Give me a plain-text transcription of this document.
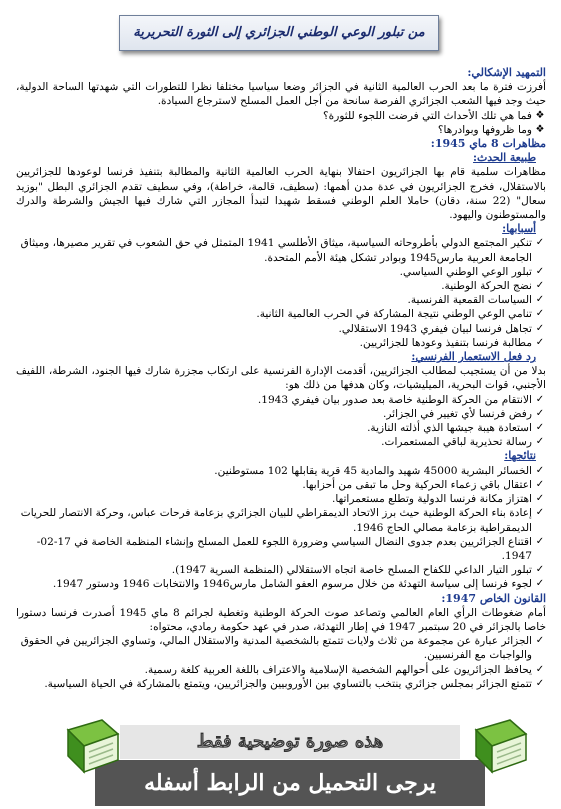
من تبلور الوعي الوطني الجزائري إلى الثورة التحريرية

التمهيد الإشكالي:

أفرزت فترة ما بعد الحرب العالمية الثانية في الجزائر وضعا سياسيا مختلفا نظرا للتطورات التي شهدتها الساحة الدولية، حيث وجد فيها الشعب الجزائري الفرصة سانحة من أجل العمل المسلح لاسترجاع السيادة.

❖
فما هي تلك الأحداث التي فرضت اللجوء للثورة؟
❖
وما ظروفها وبوادرها؟

مظاهرات 8 ماي 1945:

طبيعة الحدث:

مظاهرات سلمية قام بها الجزائريون احتفالا بنهاية الحرب العالمية الثانية والمطالبة بتنفيذ فرنسا لوعودها للجزائريين بالاستقلال، فخرج الجزائريون في عدة مدن أهمها: (سطيف، قالمة، خراطة)، وفي سطيف تقدم الجزائري البطل "بوزيد سعال" (22 سنة، دقان) حاملا العلم الوطني فسقط شهيدا لتبدأ المجازر التي شارك فيها الجيش والشرطة والدرك والمستوطنون واليهود.

أسبابها:

✓
تنكير المجتمع الدولي بأطروحاته السياسية، ميثاق الأطلسي 1941 المتمثل في حق الشعوب في تقرير مصيرها، وميثاق الجامعة العربية مارس1945 وبوادر تشكل هيئة الأمم المتحدة.
✓
تبلور الوعي الوطني السياسي.
✓
نضج الحركة الوطنية.
✓
السياسات القمعية الفرنسية.
✓
تنامي الوعي الوطني نتيجة المشاركة في الحرب العالمية الثانية.
✓
تجاهل فرنسا لبيان فيفري 1943 الاستقلالي.
✓
مطالبة فرنسا بتنفيذ وعودها للجزائريين.

رد فعل الاستعمار الفرنسي:

بدلا من أن يستجيب لمطالب الجزائريين، أقدمت الإدارة الفرنسية على ارتكاب مجزرة شارك فيها الجنود، الشرطة، اللفيف الأجنبي، قوات البحرية، الميليشيات، وكان هدفها من ذلك هو:

✓
الانتقام من الحركة الوطنية خاصة بعد صدور بيان فيفري 1943.
✓
رفض فرنسا لأي تغيير في الجزائر.
✓
استعادة هيبة جيشها الذي أذلته النازية.
✓
رسالة تحذيرية لباقي المستعمرات.

نتائجها:

✓
الخسائر البشرية 45000 شهيد والمادية 45 قرية يقابلها 102 مستوطنين.
✓
اعتقال باقي زعماء الحركية وحل ما تبقى من أحزابها.
✓
اهتزاز مكانة فرنسا الدولية وتطلع مستعمراتها.
✓
إعادة بناء الحركة الوطنية حيث برز الاتحاد الديمقراطي للبيان الجزائري بزعامة فرحات عباس، وحركة الانتصار للحريات الديمقراطية بزعامة مصالي الحاج 1946.
✓
اقتناع الجزائريين بعدم جدوى النضال السياسي وضرورة اللجوء للعمل المسلح وإنشاء المنظمة الخاصة في 17-02-1947.
✓
تبلور التيار الداعي للكفاح المسلح خاصة اتجاه الاستقلالي (المنظمة السرية 1947).
✓
لجوء فرنسا إلى سياسة التهدئة من خلال مرسوم العفو الشامل مارس1946 والانتخابات 1946 ودستور 1947.

القانون الخاص 1947:

أمام ضغوطات الرأي العام العالمي وتصاعد صوت الحركة الوطنية وتغطية لجرائم 8 ماي 1945 أصدرت فرنسا دستورا خاصا بالجزائر في 20 سبتمبر 1947 في إطار التهدئة، صدر في عهد حكومة رمادي، محتواه:

✓
الجزائر عبارة عن مجموعة من ثلاث ولايات تتمتع بالشخصية المدنية والاستقلال المالي، وتساوي الجزائريين في الحقوق والواجبات مع الفرنسيين.
✓
يحافظ الجزائريون على أحوالهم الشخصية الإسلامية والاعتراف باللغة العربية كلغة رسمية.
✓
تتمتع الجزائر بمجلس جزائري ينتخب بالتساوي بين الأوروبيين والجزائريين، ويتمتع بالمشاركة في الحياة السياسية.
هذه صورة توضيحية فقط
يرجى التحميل من الرابط أسفله
